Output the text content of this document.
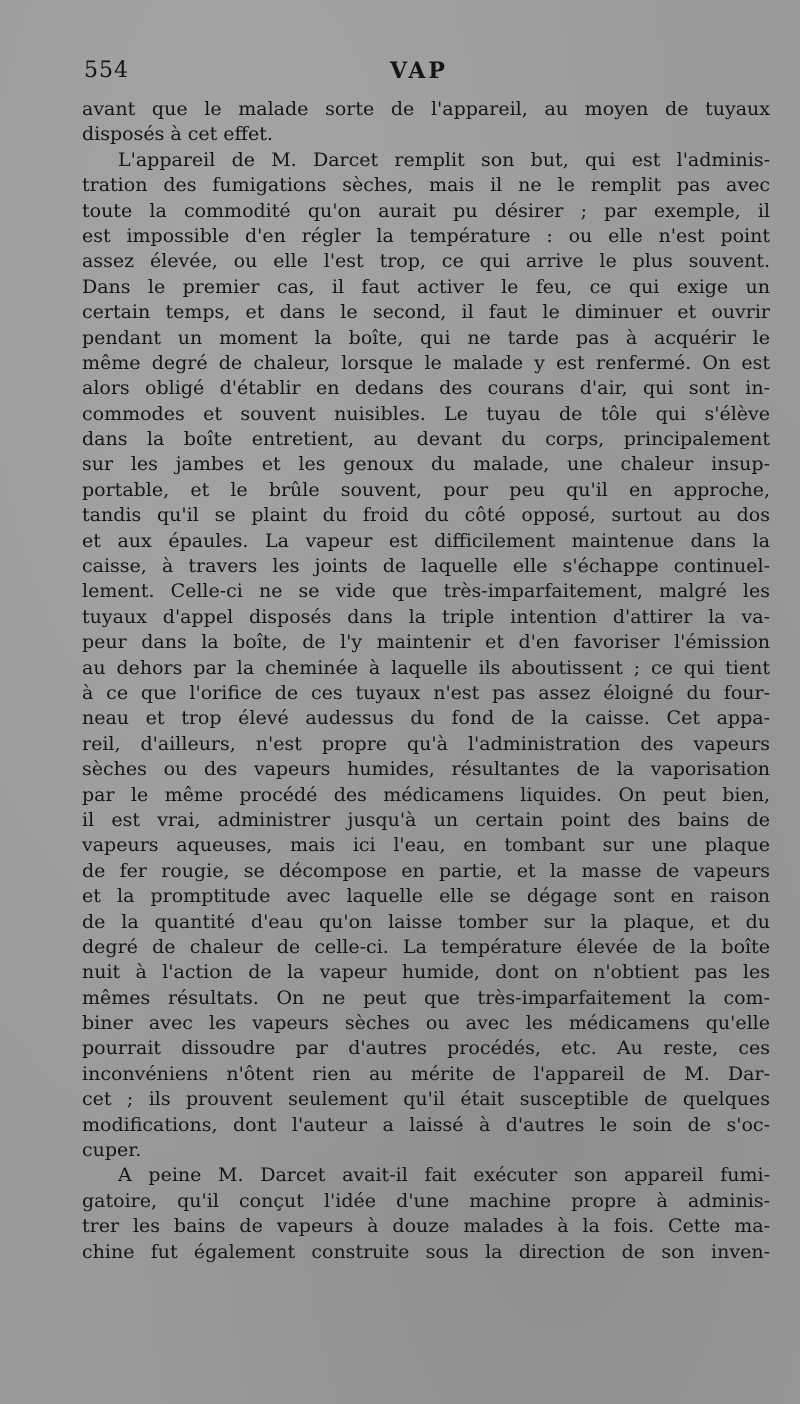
554	VAP
avant que le malade sorte de l'appareil, au moyen de tuyaux
disposés à cet effet.
L'appareil de M. Darcet remplit son but, qui est l'adminis-
tration des fumigations sèches, mais il ne le remplit pas avec
toute la commodité qu'on aurait pu désirer ; par exemple, il
est impossible d'en régler la température : ou elle n'est point
assez élevée, ou elle l'est trop, ce qui arrive le plus souvent.
Dans le premier cas, il faut activer le feu, ce qui exige un
certain temps, et dans le second, il faut le diminuer et ouvrir
pendant un moment la boîte, qui ne tarde pas à acquérir le
même degré de chaleur, lorsque le malade y est renfermé. On est
alors obligé d'établir en dedans des courans d'air, qui sont in-
commodes et souvent nuisibles. Le tuyau de tôle qui s'élève
dans la boîte entretient, au devant du corps, principalement
sur les jambes et les genoux du malade, une chaleur insup-
portable, et le brûle souvent, pour peu qu'il en approche,
tandis qu'il se plaint du froid du côté opposé, surtout au dos
et aux épaules. La vapeur est difficilement maintenue dans la
caisse, à travers les joints de laquelle elle s'échappe continuel-
lement. Celle-ci ne se vide que très-imparfaitement, malgré les
tuyaux d'appel disposés dans la triple intention d'attirer la va-
peur dans la boîte, de l'y maintenir et d'en favoriser l'émission
au dehors par la cheminée à laquelle ils aboutissent ; ce qui tient
à ce que l'orifice de ces tuyaux n'est pas assez éloigné du four-
neau et trop élevé audessus du fond de la caisse. Cet appa-
reil, d'ailleurs, n'est propre qu'à l'administration des vapeurs
sèches ou des vapeurs humides, résultantes de la vaporisation
par le même procédé des médicamens liquides. On peut bien,
il est vrai, administrer jusqu'à un certain point des bains de
vapeurs aqueuses, mais ici l'eau, en tombant sur une plaque
de fer rougie, se décompose en partie, et la masse de vapeurs
et la promptitude avec laquelle elle se dégage sont en raison
de la quantité d'eau qu'on laisse tomber sur la plaque, et du
degré de chaleur de celle-ci. La température élevée de la boîte
nuit à l'action de la vapeur humide, dont on n'obtient pas les
mêmes résultats. On ne peut que très-imparfaitement la com-
biner avec les vapeurs sèches ou avec les médicamens qu'elle
pourrait dissoudre par d'autres procédés, etc. Au reste, ces
inconvéniens n'ôtent rien au mérite de l'appareil de M. Dar-
cet ; ils prouvent seulement qu'il était susceptible de quelques
modifications, dont l'auteur a laissé à d'autres le soin de s'oc-
cuper.
A peine M. Darcet avait-il fait exécuter son appareil fumi-
gatoire, qu'il conçut l'idée d'une machine propre à adminis-
trer les bains de vapeurs à douze malades à la fois. Cette ma-
chine fut également construite sous la direction de son inven-
